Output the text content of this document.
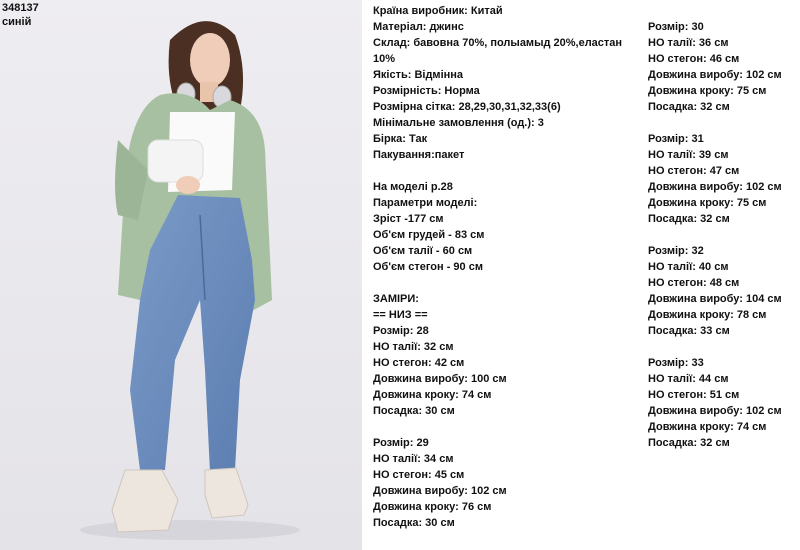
348137
синій
Країна виробник: Китай
Матеріал: джинс
Склад: бавовна 70%, полыамыд 20%,еластан 10%
Якість: Відмінна
Розмірність: Норма
Розмірна сітка: 28,29,30,31,32,33(6)
Мінімальне замовлення (од.): 3
Бірка: Так
Пакування:пакет
На моделі р.28
Параметри моделі:
Зріст -177 см
Об'єм грудей - 83 см
Об'єм талії - 60 см
Об'єм стегон - 90 см
ЗАМІРИ:
== НИЗ ==
Розмір: 28
НО талії: 32 см
НО стегон: 42 см
Довжина виробу: 100 см
Довжина кроку: 74 см
Посадка: 30 см
Розмір: 29
НО талії: 34 см
НО стегон: 45 см
Довжина виробу: 102 см
Довжина кроку: 76 см
Посадка: 30 см
Розмір: 30
НО талії: 36 см
НО стегон: 46 см
Довжина виробу: 102 см
Довжина кроку: 75 см
Посадка: 32 см
Розмір: 31
НО талії: 39 см
НО стегон: 47 см
Довжина виробу: 102 см
Довжина кроку: 75 см
Посадка: 32 см
Розмір: 32
НО талії: 40 см
НО стегон: 48 см
Довжина виробу: 104 см
Довжина кроку: 78 см
Посадка: 33 см
Розмір: 33
НО талії: 44 см
НО стегон: 51 см
Довжина виробу: 102 см
Довжина кроку: 74 см
Посадка: 32 см
